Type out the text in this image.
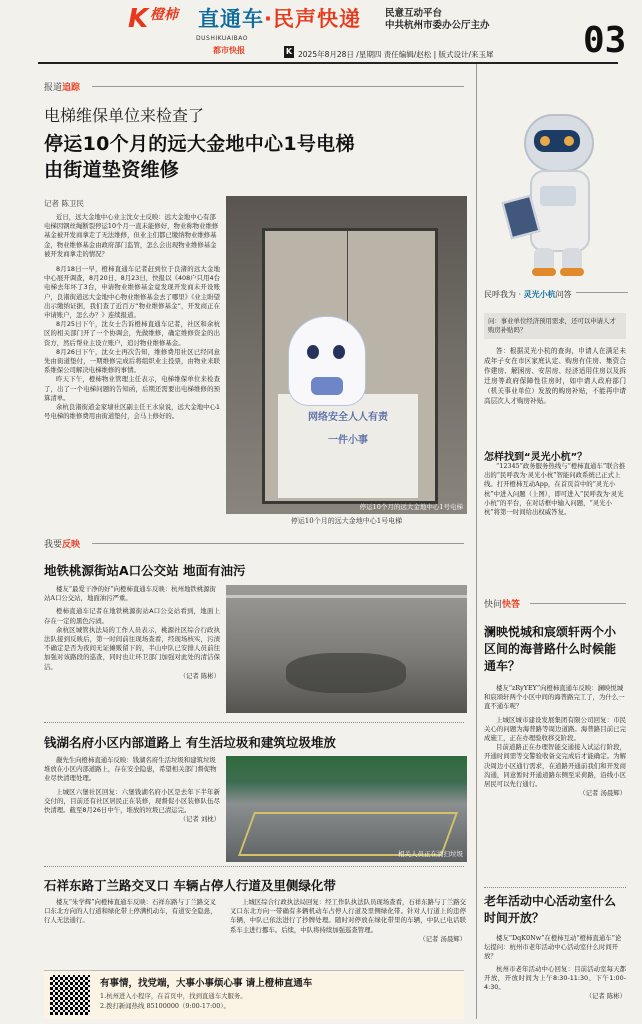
K 橙柿 直通车·民声快递	民意互动平台
中共杭州市委办公厅主办	03
DUSHIKUAIBAO
都市快报	K 2025年8月28日 /星期四 责任编辑/赵松 | 版式设计/来玉犀
报道追踪
电梯维保单位来检查了
停运10个月的远大金地中心1号电梯
由街道垫资维修
记者 陈卫民

近日，远大金地中心业主沈女士反映：远大金地中心有部电梯因钢丝绳断裂停运10个月一直未能修好，物业称物业维修基金被开发商拿走了无法维修，但业主们都已缴纳物业维修基金，物业维修基金由政府部门监管，怎么会出现物业维修基金被开发商拿走的情况？

8月18日一早，橙柿直通车记者赶到位于良渚的远大金地中心展开调查，8月20日、8月23日，快报以《408户只用4台电梯去年坏了3台，申请物业维修基金竟发现开发商未开设账户，良渚街道远大金地中心物业维修基金去了哪里》《业主盼望出示缴纳证据，我们查了近百万“物业维修基金”，开发商正在申请账户，怎么办？》连续报道。

8月25日下午，沈女士告诉橙柿直通车记者，社区和余杭区的相关部门开了一个协调会，先做维修，确定维修资金的出资方，然后帮业主设立账户，追讨物业维修基金。

8月26日下午，沈女士再次告知，维修费用社区已经同意先由街道垫付，一期维修完成后将组织业主投票，由物业来联系维保公司解决电梯维修的事情。

昨天下午，橙柿物业管理主任表示，电梯维保单位来检查了，出了一个电梯问题的告知函，后期还需要出电梯维修的预算清单。

余杭良渚街道金家埭社区副主任王水泉说，远大金地中心1号电梯的维修费用由街道垫付，会马上修好的。	网络安全人人有责
一件小事
停运10个月的远大金地中心1号电梯
停运10个月的远大金地中心1号电梯
我要反映
地铁桃源街站A口公交站 地面有油污

楼友“最爱干净的好”向橙柿直通车反映：杭州地铁桃源街站A口公交站，地面油污严重。

橙柿直通车记者在地铁桃源街站A口公交站看到，地面上存在一定的黑色污渍。

余杭区城管执法局的工作人员表示，桃源社区综合行政执法队接到反映后，第一时间前往现场查看，经现场核实，污渍不确定是否为夜间无证摊贩留下的，半山中队已安排人员前往加强对该路段的巡查，同时也让环卫部门加强对此处的清洁保洁。

（记者 陈彬）

钱湖名府小区内部道路上 有生活垃圾和建筑垃圾堆放

嚴先生向橙柿直通车反映：钱湖名府生活垃圾和建筑垃圾堆放在小区内部道路上，存在安全隐患，希望相关部门督促物业尽快清理处理。

上城区六堡社区回复：六堡钱湖名府小区是去年下半年新交付的，目前还有社区居民正在装修，现督促小区装修队伍尽快清理。截至8月26日中午，堆放的垃圾已清运完。

（记者 刘枕）

相关人员正在清扫垃圾
石祥东路丁兰路交叉口 车辆占停人行道及里侧绿化带

楼友“朱学辉”向橙柿直通车反映：石祥东路与丁兰路交叉口东北方向的人行道和绿化带上停满机动车，有道安全隐患，行人无法通行。

上城区综合行政执法局回复：经工作队执法队员现场查看，石祥东路与丁兰路交叉口东北方向一带确有多辆机动车占停人行道及里侧绿化带。针对人行道上的违停车辆，中队已依法进行了抄牌处理。随时对停放在绿化带里的车辆，中队已电话联系车主进行挪车。后续，中队将持续加强巡查管理。

（记者 汤晨辉）

有事情，找党端，大事小事烦心事 请上橙柿直通车
1.杭州进入小程序，在首页中，找到直通车大服务。
2.拨打新闻热线 85100000（9:00-17:00）。
民呼我为 · 灵光小杭问答

问：事业单位经济预用需求，还可以申请人才购房补贴吗？

答：根据灵光小杭的查询，申请人在满足未成年子女在市区家庭认定、购房有住房、集资合作建房、解困房、安居房、经济适用住房以及拆迁房等政府保障性住房时，如申请人政府部门（机关事业单位）发放的购房补贴，不能再申请高层次人才购房补贴。

怎样找到“灵光小杭”？

“12345”政务服务热线与“橙柿直通车”联合推出的“民呼我为·灵光小杭”智能问政系统已正式上线。打开橙柿互动App，在首页首中的“灵光小杭”中进入问题（上图），即可进入“民呼我为·灵光小杭”的平台，在对话框中输入问题，“灵光小杭”将第一时间给出权威答复。

快问快答
澜映悦城和宸颂轩两个小区间的海普路什么时候能通车？

楼友“zRyYEY”向橙柿直通车反映：澜映悦城和宸颂轩两个小区中间的海普路完工了，为什么一直不通车呢？

上城区城市建设发展集团有限公司回复：市民关心的问题为海普路等周边道路。海普路目前已完成施工，正在办理验收移交阶段。

目前道路正在办理智能交通接入试运行阶段，开通时间需等交警验收备交完成后才能确定。为解决周边小区通行需求，在道路开通前我们和开发商沟通，同意暂时开通道路东侧至采荷路，沿线小区居民可以先行通行。

（记者 汤晨辉）

老年活动中心活动室什么时间开放？

楼友“DqK0Nw”在橙柿互动“橙柿直通车”论坛提问：杭州市老年活动中心活动室什么时间开放？

杭州市老年活动中心回复：目前活动室每天都开放，开放时间为上午8:30-11:30、下午1:00-4:30。

（记者 陈彬）
